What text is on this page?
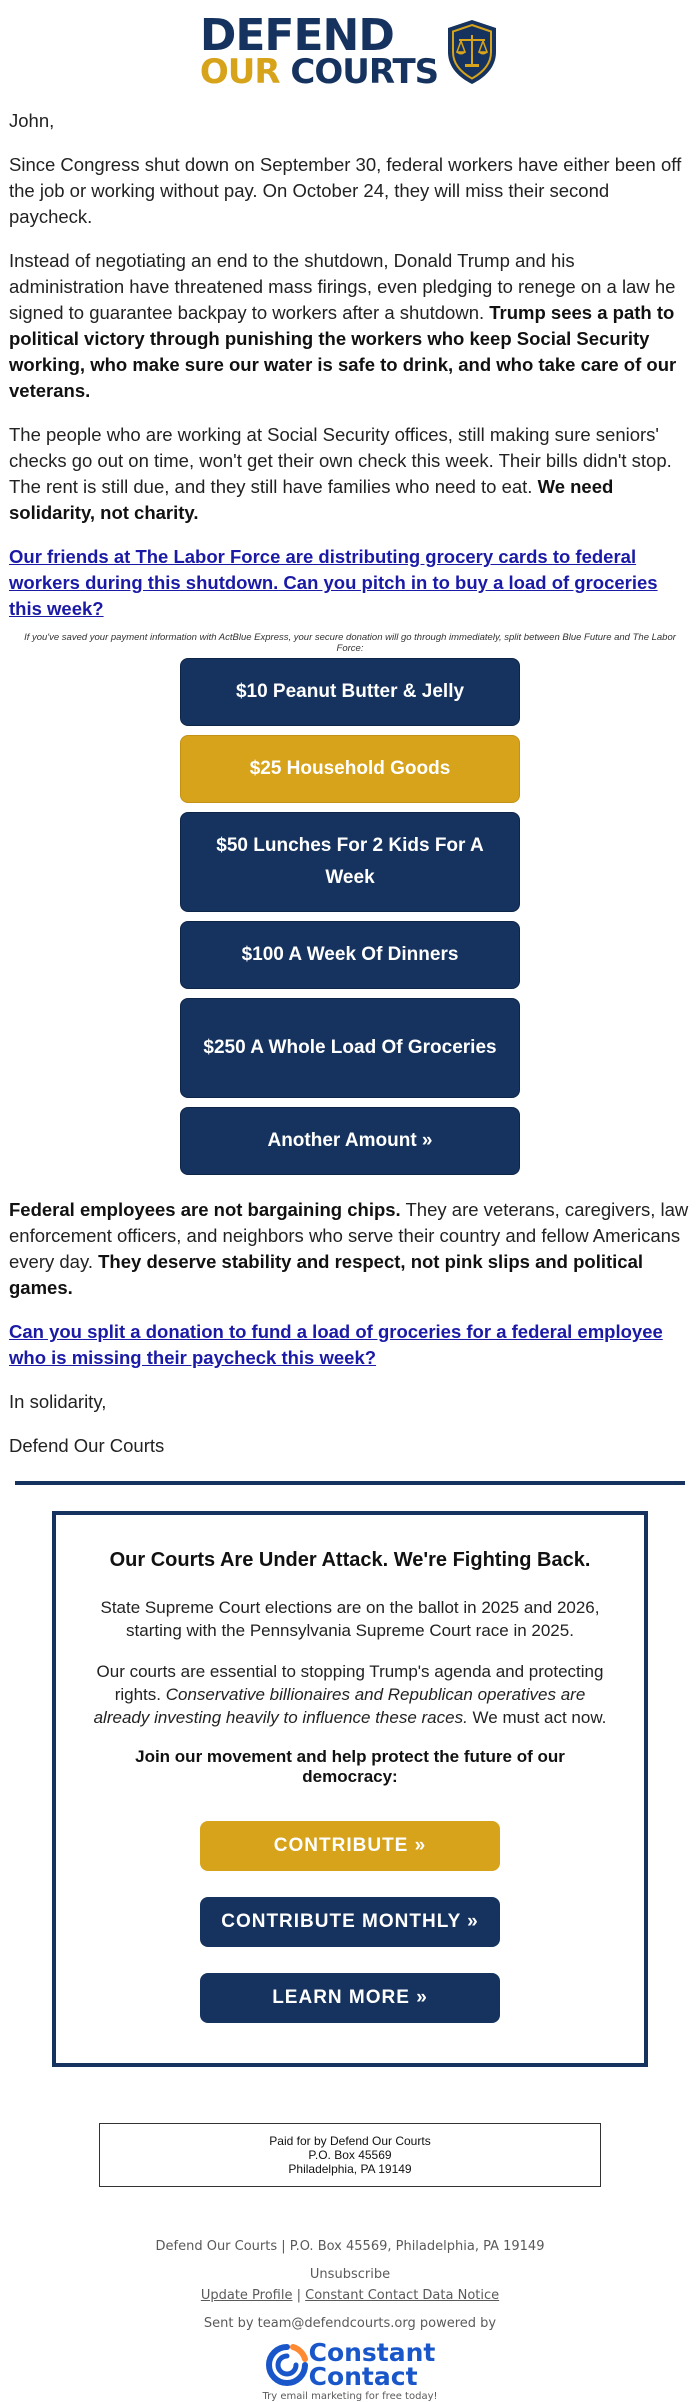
DEFEND
OUR COURTS

John,

Since Congress shut down on September 30, federal workers have either been off the job or working without pay. On October 24, they will miss their second paycheck.

Instead of negotiating an end to the shutdown, Donald Trump and his administration have threatened mass firings, even pledging to renege on a law he signed to guarantee backpay to workers after a shutdown. Trump sees a path to political victory through punishing the workers who keep Social Security working, who make sure our water is safe to drink, and who take care of our veterans.

The people who are working at Social Security offices, still making sure seniors' checks go out on time, won't get their own check this week. Their bills didn't stop. The rent is still due, and they still have families who need to eat. We need solidarity, not charity.

Our friends at The Labor Force are distributing grocery cards to federal workers during this shutdown. Can you pitch in to buy a load of groceries this week?

If you've saved your payment information with ActBlue Express, your secure donation will go through immediately, split between Blue Future and The Labor Force:

$10 Peanut Butter & Jelly
$25 Household Goods
$50 Lunches For 2 Kids For A Week
$100 A Week Of Dinners
$250 A Whole Load Of Groceries
Another Amount »

Federal employees are not bargaining chips. They are veterans, caregivers, law enforcement officers, and neighbors who serve their country and fellow Americans every day. They deserve stability and respect, not pink slips and political games.

Can you split a donation to fund a load of groceries for a federal employee who is missing their paycheck this week?

In solidarity,

Defend Our Courts

Our Courts Are Under Attack. We're Fighting Back.

State Supreme Court elections are on the ballot in 2025 and 2026, starting with the Pennsylvania Supreme Court race in 2025.

Our courts are essential to stopping Trump's agenda and protecting rights. Conservative billionaires and Republican operatives are already investing heavily to influence these races. We must act now.

Join our movement and help protect the future of our democracy:

CONTRIBUTE »
CONTRIBUTE MONTHLY »
LEARN MORE »
Paid for by Defend Our Courts
P.O. Box 45569
Philadelphia, PA 19149

Defend Our Courts | P.O. Box 45569, Philadelphia, PA 19149

Unsubscribe

Update Profile | Constant Contact Data Notice

Sent by team@defendcourts.org powered by

Constant
Contact
Try email marketing for free today!
